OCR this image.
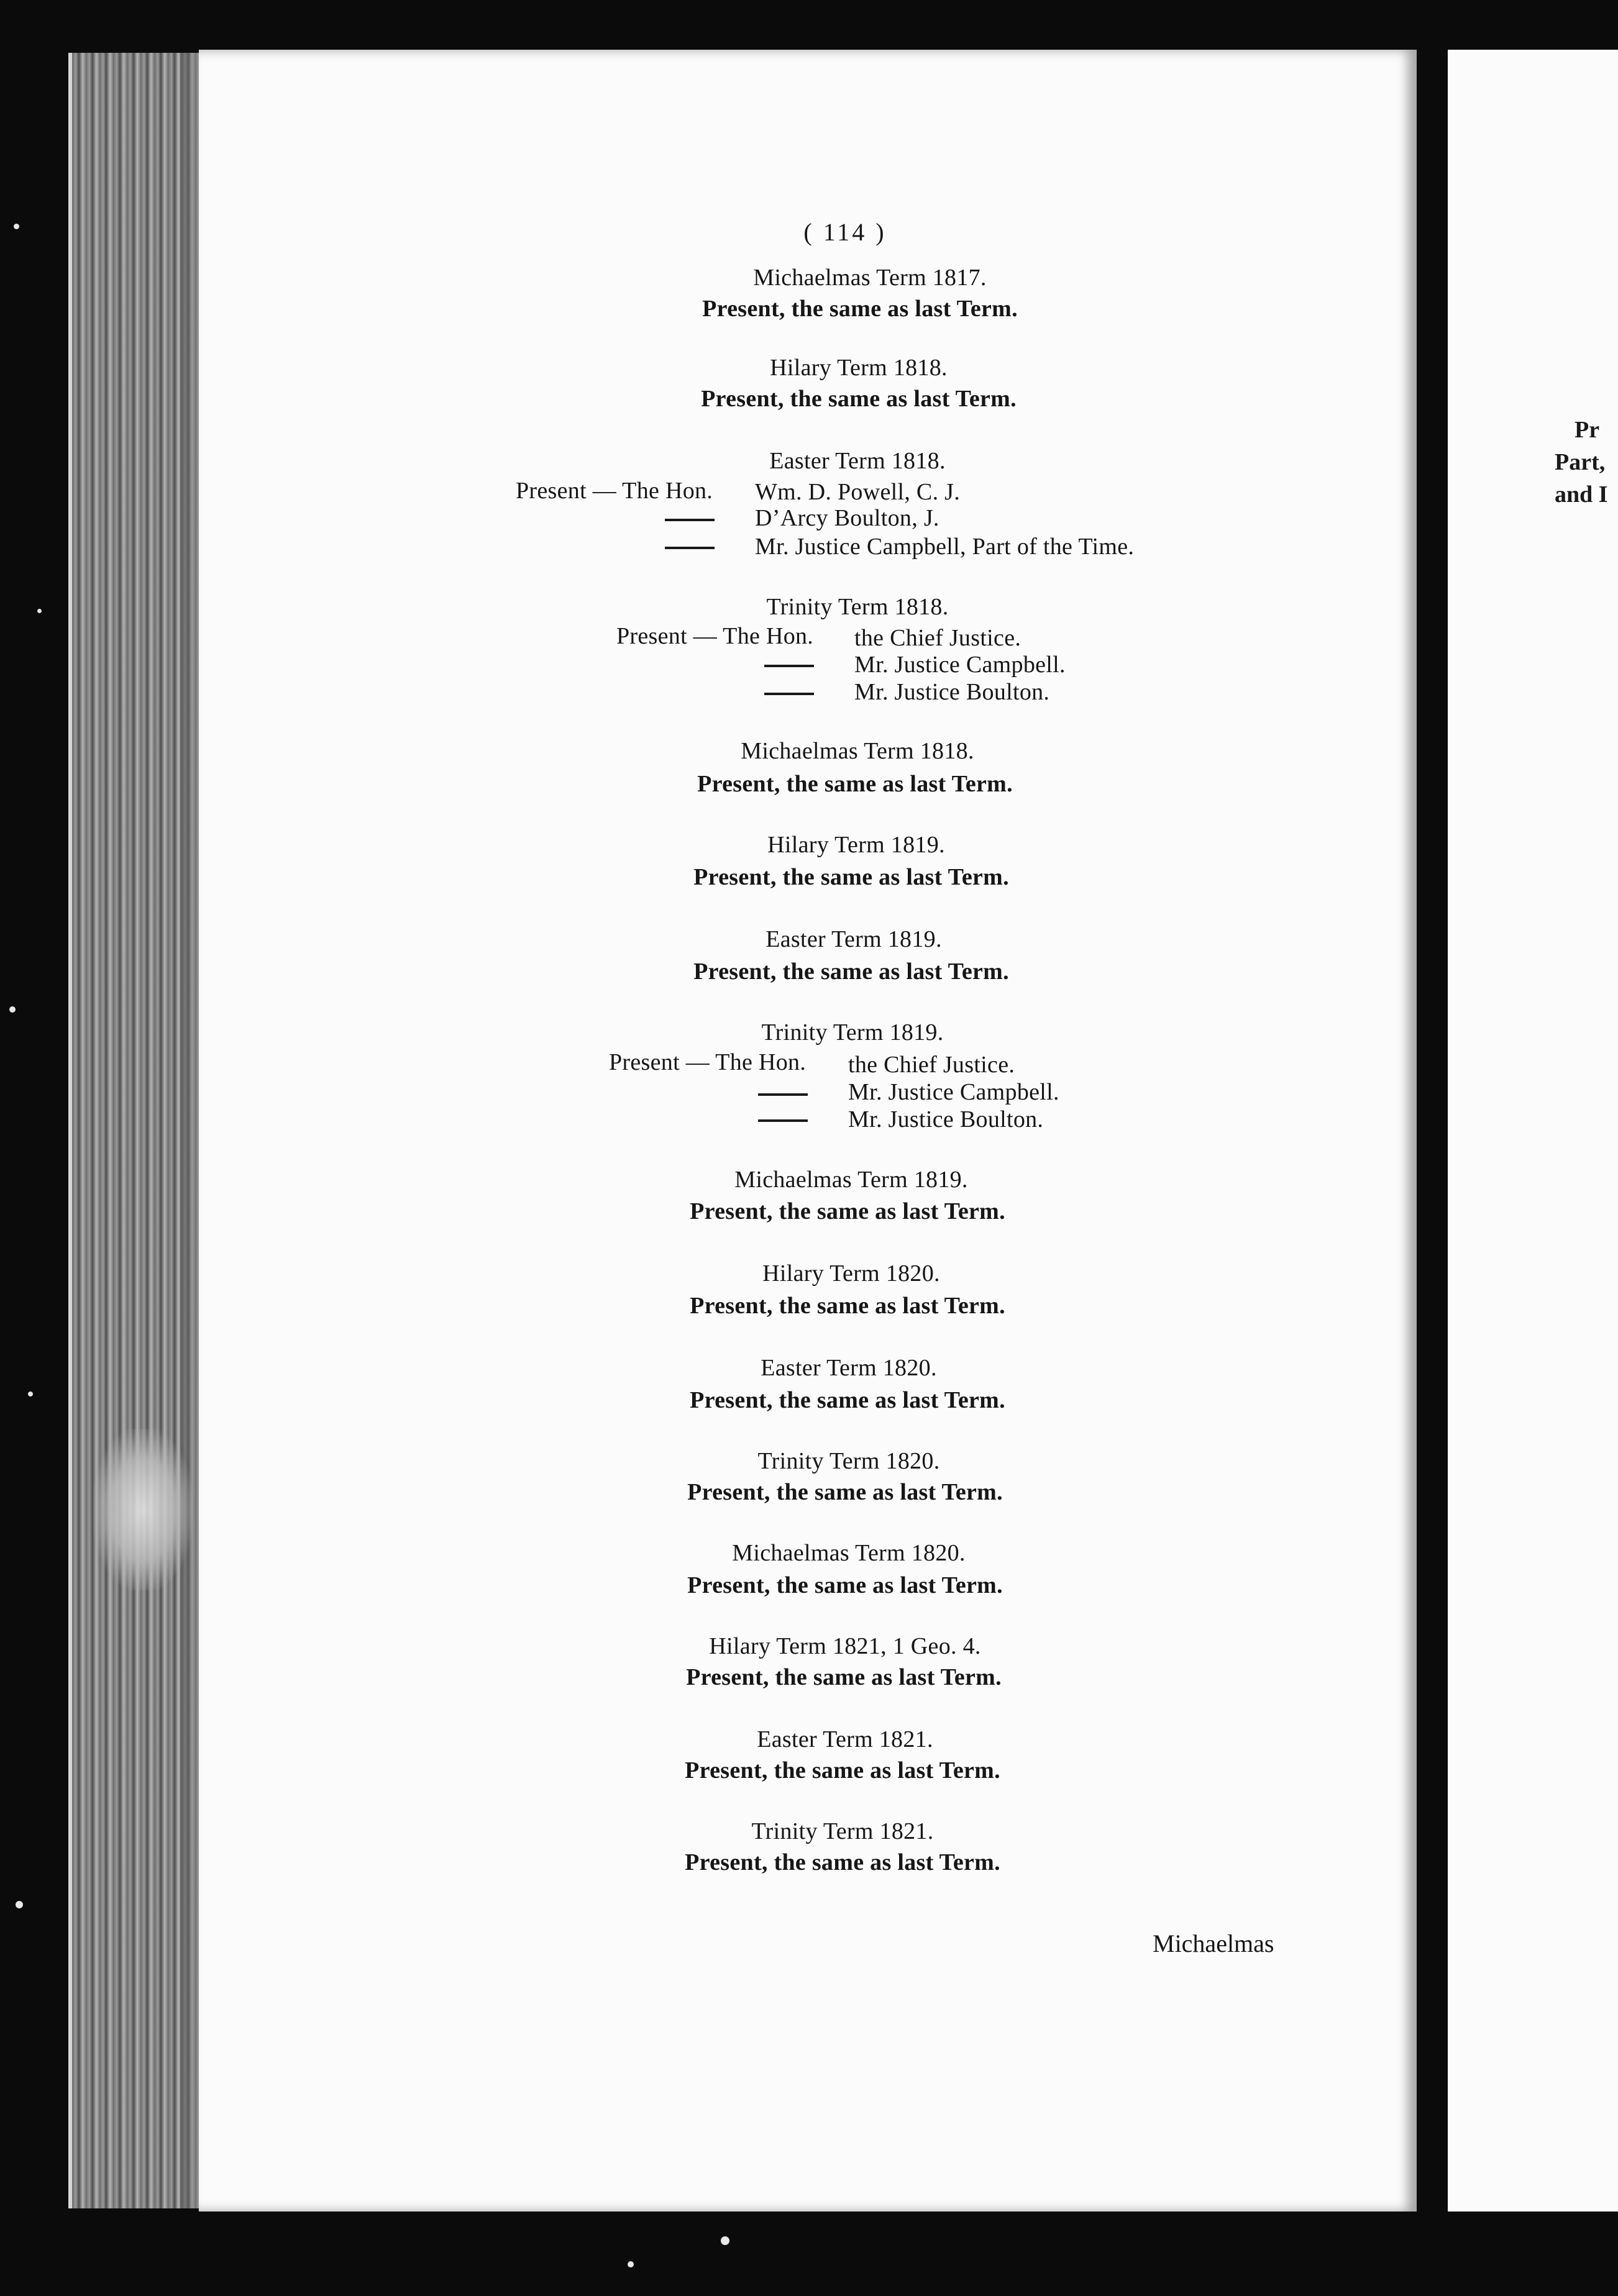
( 114 )
Michaelmas Term 1817.
Present, the same as last Term.
Hilary Term 1818.
Present, the same as last Term.
Easter Term 1818.
Present — The Hon. Wm. D. Powell, C. J.
D’Arcy Boulton, J.
Mr. Justice Campbell, Part of the Time.
Trinity Term 1818.
Present — The Hon. the Chief Justice.
Mr. Justice Campbell.
Mr. Justice Boulton.
Michaelmas Term 1818.
Present, the same as last Term.
Hilary Term 1819.
Present, the same as last Term.
Easter Term 1819.
Present, the same as last Term.
Trinity Term 1819.
Present — The Hon. the Chief Justice.
Mr. Justice Campbell.
Mr. Justice Boulton.
Michaelmas Term 1819.
Present, the same as last Term.
Hilary Term 1820.
Present, the same as last Term.
Easter Term 1820.
Present, the same as last Term.
Trinity Term 1820.
Present, the same as last Term.
Michaelmas Term 1820.
Present, the same as last Term.
Hilary Term 1821, 1 Geo. 4.
Present, the same as last Term.
Easter Term 1821.
Present, the same as last Term.
Trinity Term 1821.
Present, the same as last Term.
Michaelmas
Pr
Part,
and I
